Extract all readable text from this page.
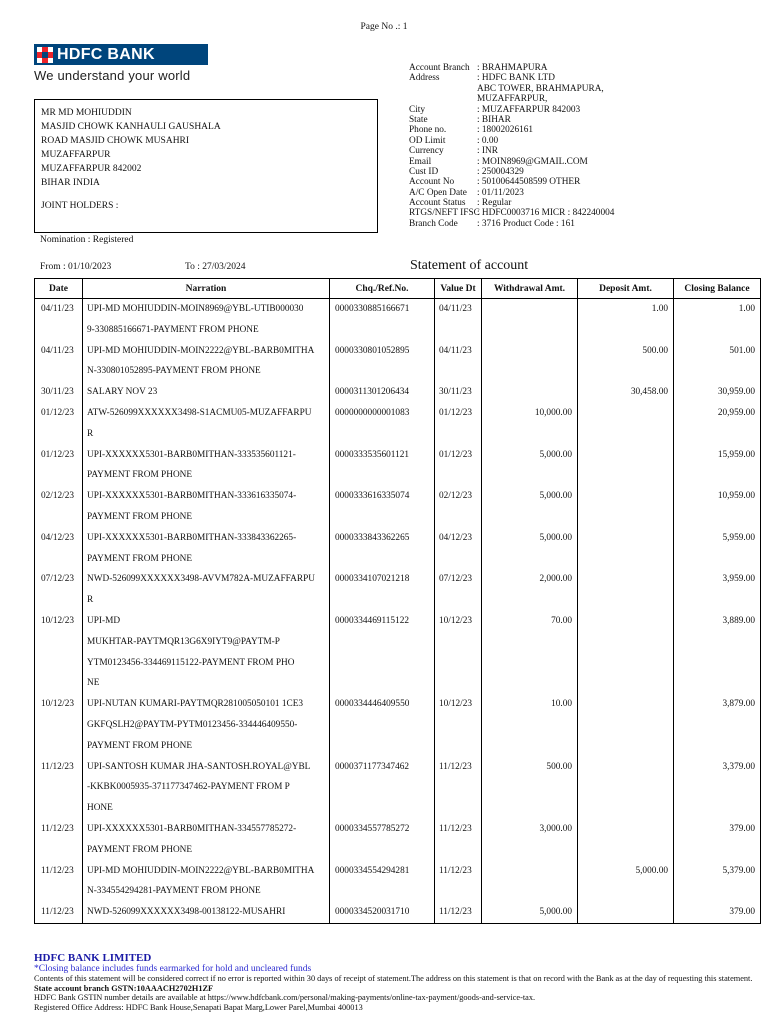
Page No .: 1
HDFC BANK
We understand your world
MR MD MOHIUDDIN
MASJID CHOWK KANHAULI GAUSHALA
ROAD MASJID CHOWK MUSAHRI
MUZAFFARPUR
MUZAFFARPUR 842002
BIHAR INDIA
JOINT HOLDERS :
Nomination : Registered
Account Branch : BRAHMAPURA
Address	: HDFC BANK LTD
ABC TOWER, BRAHMAPURA,
MUZAFFARPUR,
City	: MUZAFFARPUR 842003
State	: BIHAR
Phone no.	: 18002026161
OD Limit	: 0.00
Currency	: INR
Email	: MOIN8969@GMAIL.COM
Cust ID	: 250004329
Account No : 50100644508599 OTHER
A/C Open Date : 01/11/2023
Account Status : Regular
RTGS/NEFT IFSC
: HDFC0003716 MICR : 842240004
Branch Code : 3716 Product Code : 161
From : 01/10/2023	To : 27/03/2024	Statement of account
Date	Narration	Chq./Ref.No.	Value Dt	Withdrawal Amt.	Deposit Amt.	Closing Balance

04/11/23	UPI-MD MOHIUDDIN-MOIN8969@YBL-UTIB000030
9-330885166671-PAYMENT FROM PHONE	0000330885166671	04/11/23		1.00	1.00

04/11/23	UPI-MD MOHIUDDIN-MOIN2222@YBL-BARB0MITHA
N-330801052895-PAYMENT FROM PHONE	0000330801052895	04/11/23		500.00	501.00

30/11/23	SALARY NOV 23	0000311301206434	30/11/23		30,458.00	30,959.00

01/12/23	ATW-526099XXXXXX3498-S1ACMU05-MUZAFFARPU
R	0000000000001083	01/12/23	10,000.00		20,959.00

01/12/23	UPI-XXXXXX5301-BARB0MITHAN-333535601121-
PAYMENT FROM PHONE	0000333535601121	01/12/23	5,000.00		15,959.00

02/12/23	UPI-XXXXXX5301-BARB0MITHAN-333616335074-
PAYMENT FROM PHONE	0000333616335074	02/12/23	5,000.00		10,959.00

04/12/23	UPI-XXXXXX5301-BARB0MITHAN-333843362265-
PAYMENT FROM PHONE	0000333843362265	04/12/23	5,000.00		5,959.00

07/12/23	NWD-526099XXXXXX3498-AVVM782A-MUZAFFARPU
R	0000334107021218	07/12/23	2,000.00		3,959.00

10/12/23	UPI-MD
MUKHTAR-PAYTMQR13G6X9IYT9@PAYTM-P
YTM0123456-334469115122-PAYMENT FROM PHO
NE	0000334469115122	10/12/23	70.00		3,889.00

10/12/23	UPI-NUTAN KUMARI-PAYTMQR281005050101 1CE3
GKFQSLH2@PAYTM-PYTM0123456-334446409550-
PAYMENT FROM PHONE	0000334446409550	10/12/23	10.00		3,879.00

11/12/23	UPI-SANTOSH KUMAR JHA-SANTOSH.ROYAL@YBL
-KKBK0005935-371177347462-PAYMENT FROM P
HONE	0000371177347462	11/12/23	500.00		3,379.00

11/12/23	UPI-XXXXXX5301-BARB0MITHAN-334557785272-
PAYMENT FROM PHONE	0000334557785272	11/12/23	3,000.00		379.00

11/12/23	UPI-MD MOHIUDDIN-MOIN2222@YBL-BARB0MITHA
N-334554294281-PAYMENT FROM PHONE	0000334554294281	11/12/23		5,000.00	5,379.00

11/12/23	NWD-526099XXXXXX3498-00138122-MUSAHRI	0000334520031710	11/12/23	5,000.00		379.00
HDFC BANK LIMITED
*Closing balance includes funds earmarked for hold and uncleared funds
Contents of this statement will be considered correct if no error is reported within 30 days of receipt of statement.The address on this statement is that on record with the Bank as at the day of requesting this statement.
State account branch GSTN:10AAACH2702H1ZF
HDFC Bank GSTIN number details are available at https://www.hdfcbank.com/personal/making-payments/online-tax-payment/goods-and-service-tax.
Registered Office Address: HDFC Bank House,Senapati Bapat Marg,Lower Parel,Mumbai 400013
